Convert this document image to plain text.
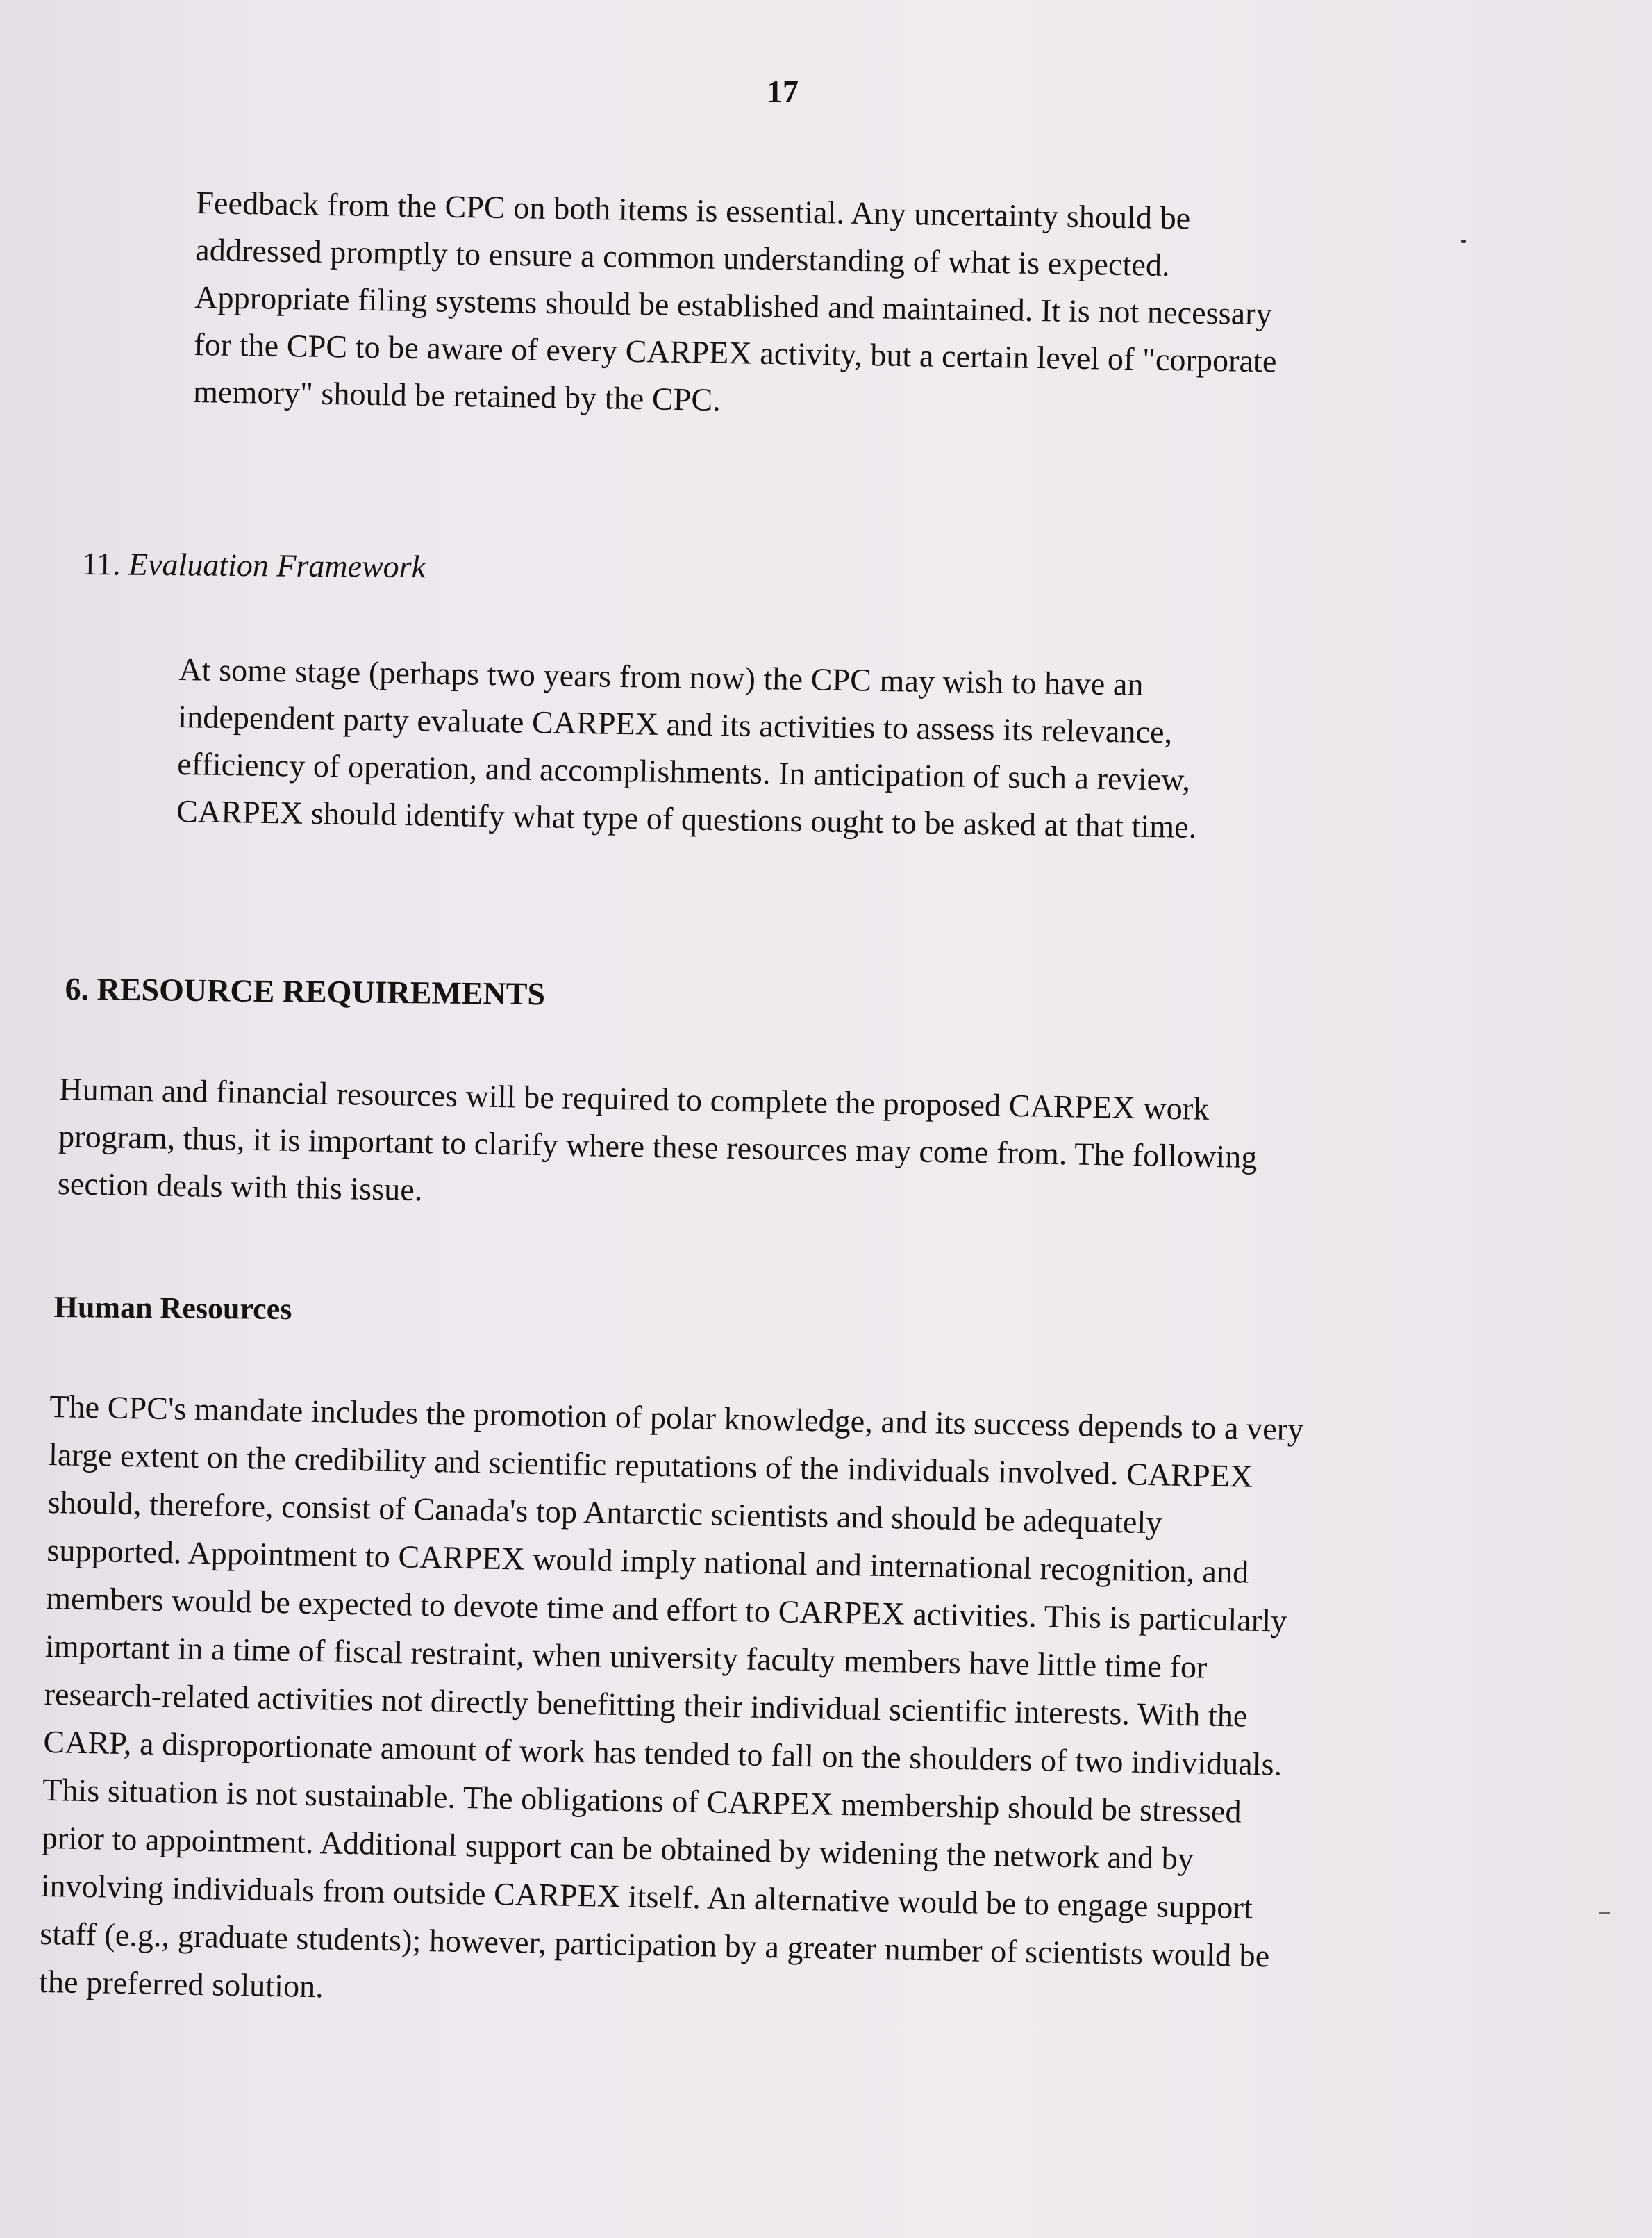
17
Feedback from the CPC on both items is essential. Any uncertainty should be
addressed promptly to ensure a common understanding of what is expected.
Appropriate filing systems should be established and maintained. It is not necessary
for the CPC to be aware of every CARPEX activity, but a certain level of "corporate
memory" should be retained by the CPC.
11. Evaluation Framework
At some stage (perhaps two years from now) the CPC may wish to have an
independent party evaluate CARPEX and its activities to assess its relevance,
efficiency of operation, and accomplishments. In anticipation of such a review,
CARPEX should identify what type of questions ought to be asked at that time.
6. RESOURCE REQUIREMENTS
Human and financial resources will be required to complete the proposed CARPEX work
program, thus, it is important to clarify where these resources may come from. The following
section deals with this issue.
Human Resources
The CPC's mandate includes the promotion of polar knowledge, and its success depends to a very
large extent on the credibility and scientific reputations of the individuals involved. CARPEX
should, therefore, consist of Canada's top Antarctic scientists and should be adequately
supported. Appointment to CARPEX would imply national and international recognition, and
members would be expected to devote time and effort to CARPEX activities. This is particularly
important in a time of fiscal restraint, when university faculty members have little time for
research-related activities not directly benefitting their individual scientific interests. With the
CARP, a disproportionate amount of work has tended to fall on the shoulders of two individuals.
This situation is not sustainable. The obligations of CARPEX membership should be stressed
prior to appointment. Additional support can be obtained by widening the network and by
involving individuals from outside CARPEX itself. An alternative would be to engage support
staff (e.g., graduate students); however, participation by a greater number of scientists would be
the preferred solution.
